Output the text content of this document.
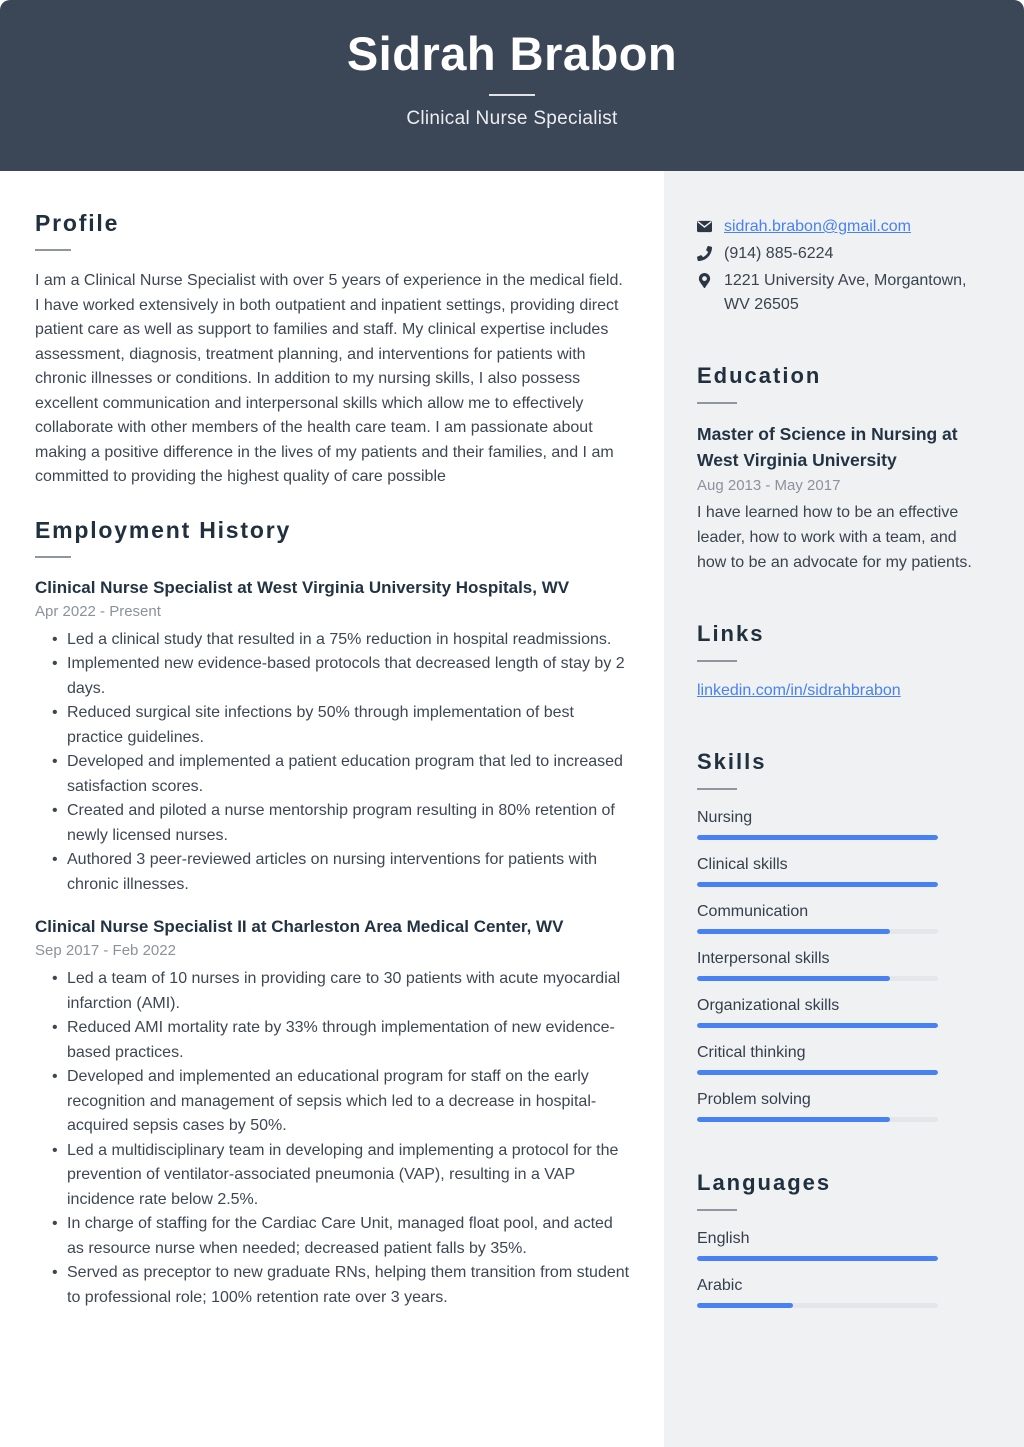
Sidrah Brabon
Clinical Nurse Specialist
Profile

I am a Clinical Nurse Specialist with over 5 years of experience in the medical field. I have worked extensively in both outpatient and inpatient settings, providing direct patient care as well as support to families and staff. My clinical expertise includes assessment, diagnosis, treatment planning, and interventions for patients with chronic illnesses or conditions. In addition to my nursing skills, I also possess excellent communication and interpersonal skills which allow me to effectively collaborate with other members of the health care team. I am passionate about making a positive difference in the lives of my patients and their families, and I am committed to providing the highest quality of care possible

Employment History
Clinical Nurse Specialist at West Virginia University Hospitals, WV
Apr 2022 - Present
• Led a clinical study that resulted in a 75% reduction in hospital readmissions.
• Implemented new evidence-based protocols that decreased length of stay by 2 days.
• Reduced surgical site infections by 50% through implementation of best practice guidelines.
• Developed and implemented a patient education program that led to increased satisfaction scores.
• Created and piloted a nurse mentorship program resulting in 80% retention of newly licensed nurses.
• Authored 3 peer-reviewed articles on nursing interventions for patients with chronic illnesses.
Clinical Nurse Specialist II at Charleston Area Medical Center, WV
Sep 2017 - Feb 2022
• Led a team of 10 nurses in providing care to 30 patients with acute myocardial infarction (AMI).
• Reduced AMI mortality rate by 33% through implementation of new evidence-based practices.
• Developed and implemented an educational program for staff on the early recognition and management of sepsis which led to a decrease in hospital-acquired sepsis cases by 50%.
• Led a multidisciplinary team in developing and implementing a protocol for the prevention of ventilator-associated pneumonia (VAP), resulting in a VAP incidence rate below 2.5%.
• In charge of staffing for the Cardiac Care Unit, managed float pool, and acted as resource nurse when needed; decreased patient falls by 35%.
• Served as preceptor to new graduate RNs, helping them transition from student to professional role; 100% retention rate over 3 years.
sidrah.brabon@gmail.com
(914) 885-6224
1221 University Ave, Morgantown,
WV 26505
Education
Master of Science in Nursing at West Virginia University
Aug 2013 - May 2017

I have learned how to be an effective leader, how to work with a team, and how to be an advocate for my patients.

Links
linkedin.com/in/sidrahbrabon
Skills
Nursing
Clinical skills
Communication
Interpersonal skills
Organizational skills
Critical thinking
Problem solving
Languages
English
Arabic
